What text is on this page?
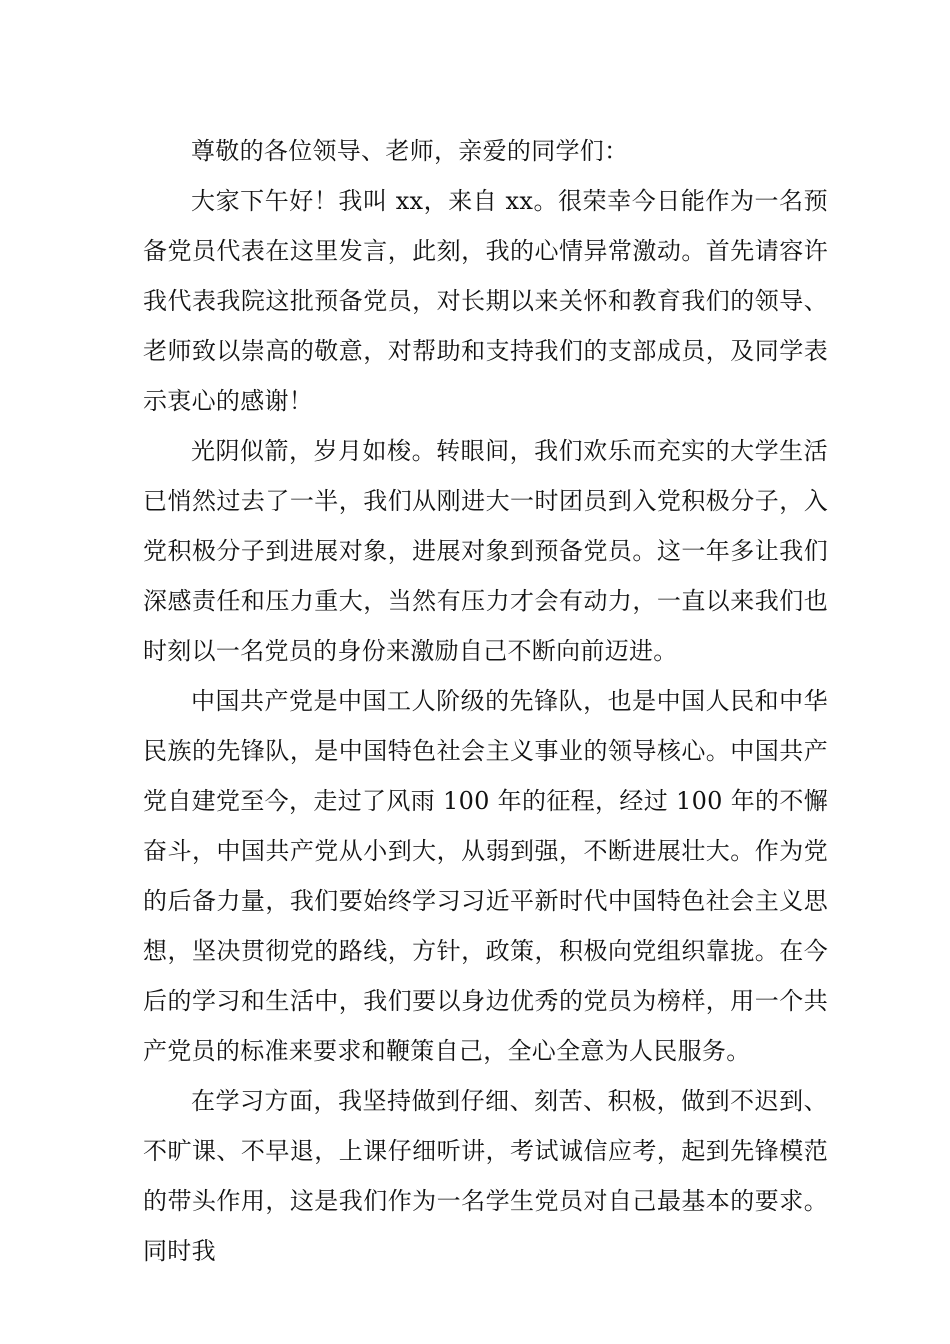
尊敬的各位领导、老师，亲爱的同学们：

大家下午好！我叫 xx，来自 xx。很荣幸今日能作为一名预备党员代表在这里发言，此刻，我的心情异常激动。首先请容许我代表我院这批预备党员，对长期以来关怀和教育我们的领导、老师致以崇高的敬意，对帮助和支持我们的支部成员，及同学表示衷心的感谢！

光阴似箭，岁月如梭。转眼间，我们欢乐而充实的大学生活已悄然过去了一半，我们从刚进大一时团员到入党积极分子，入党积极分子到进展对象，进展对象到预备党员。这一年多让我们深感责任和压力重大，当然有压力才会有动力，一直以来我们也时刻以一名党员的身份来激励自己不断向前迈进。

中国共产党是中国工人阶级的先锋队，也是中国人民和中华民族的先锋队，是中国特色社会主义事业的领导核心。中国共产党自建党至今，走过了风雨 100 年的征程，经过 100 年的不懈奋斗，中国共产党从小到大，从弱到强，不断进展壮大。作为党的后备力量，我们要始终学习习近平新时代中国特色社会主义思想，坚决贯彻党的路线，方针，政策，积极向党组织靠拢。在今后的学习和生活中，我们要以身边优秀的党员为榜样，用一个共产党员的标准来要求和鞭策自己，全心全意为人民服务。

在学习方面，我坚持做到仔细、刻苦、积极，做到不迟到、不旷课、不早退，上课仔细听讲，考试诚信应考，起到先锋模范的带头作用，这是我们作为一名学生党员对自己最基本的要求。同时我
